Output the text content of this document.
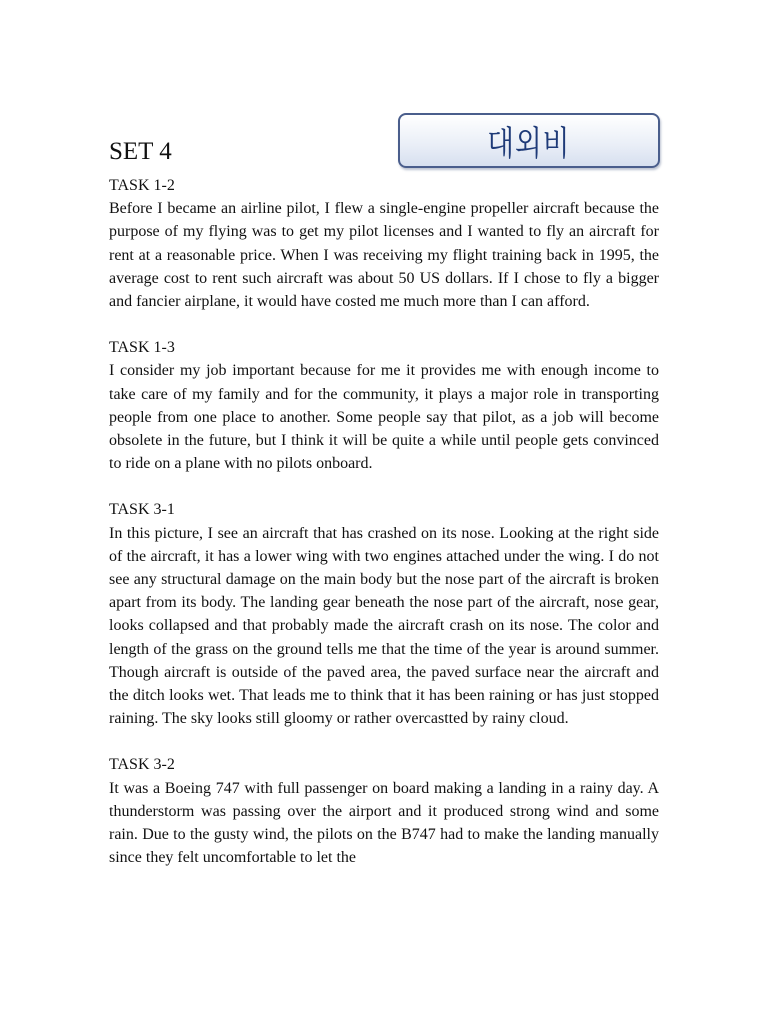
SET 4	대외비
TASK 1-2

Before I became an airline pilot, I flew a single-engine propeller aircraft because the purpose of my flying was to get my pilot licenses and I wanted to fly an aircraft for rent at a reasonable price. When I was receiving my flight training back in 1995, the average cost to rent such aircraft was about 50 US dollars. If I chose to fly a bigger and fancier airplane, it would have costed me much more than I can afford.

TASK 1-3

I consider my job important because for me it provides me with enough income to take care of my family and for the community, it plays a major role in transporting people from one place to another. Some people say that pilot, as a job will become obsolete in the future, but I think it will be quite a while until people gets convinced to ride on a plane with no pilots onboard.

TASK 3-1

In this picture, I see an aircraft that has crashed on its nose. Looking at the right side of the aircraft, it has a lower wing with two engines attached under the wing. I do not see any structural damage on the main body but the nose part of the aircraft is broken apart from its body. The landing gear beneath the nose part of the aircraft, nose gear, looks collapsed and that probably made the aircraft crash on its nose. The color and length of the grass on the ground tells me that the time of the year is around summer. Though aircraft is outside of the paved area, the paved surface near the aircraft and the ditch looks wet. That leads me to think that it has been raining or has just stopped raining. The sky looks still gloomy or rather overcastted by rainy cloud.

TASK 3-2

It was a Boeing 747 with full passenger on board making a landing in a rainy day. A thunderstorm was passing over the airport and it produced strong wind and some rain. Due to the gusty wind, the pilots on the B747 had to make the landing manually since they felt uncomfortable to let the
